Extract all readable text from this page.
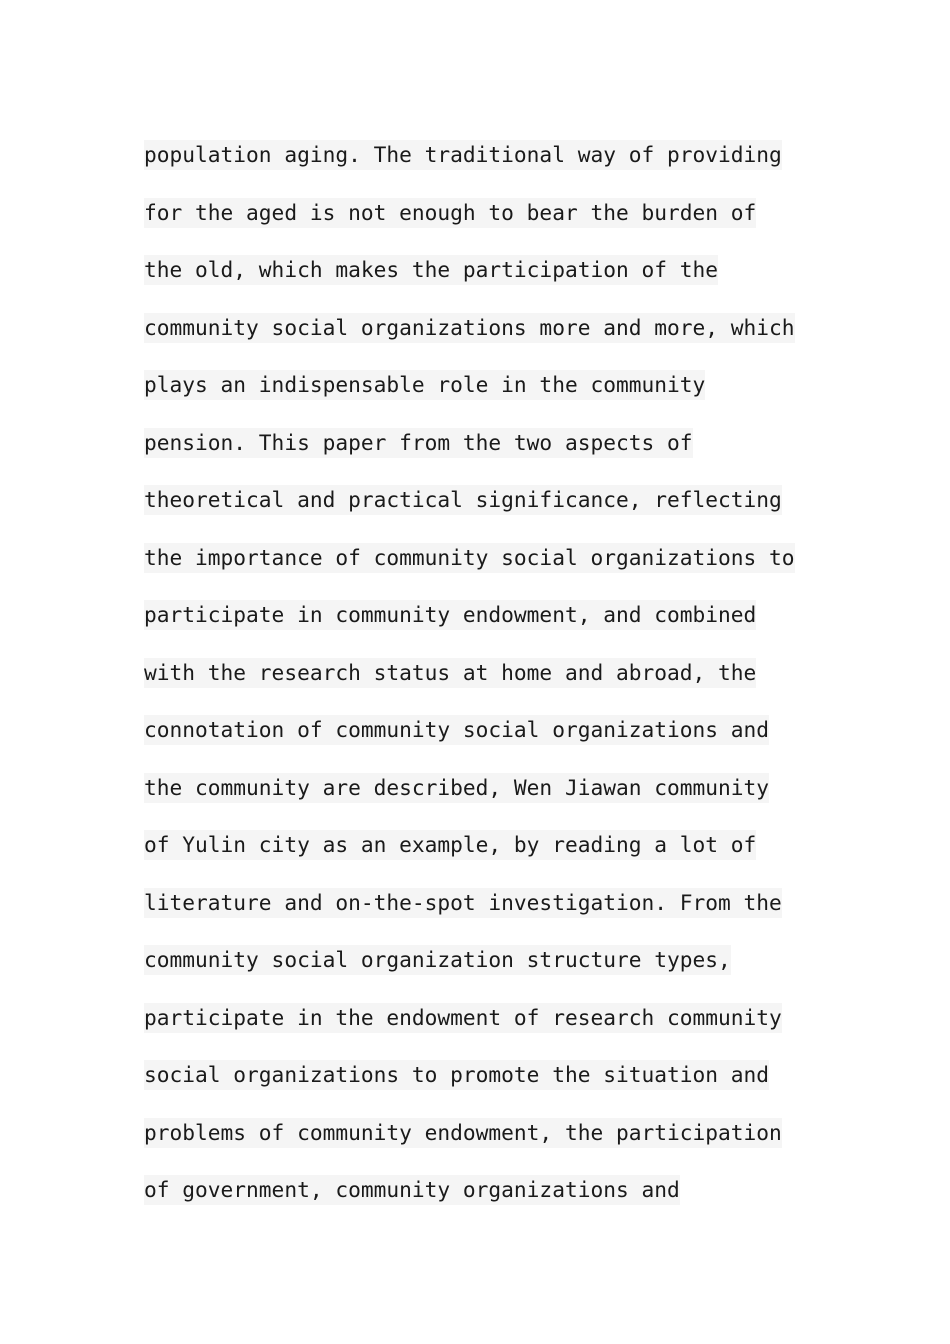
population aging. The traditional way of providing
for the aged is not enough to bear the burden of
the old, which makes the participation of the
community social organizations more and more, which
plays an indispensable role in the community
pension. This paper from the two aspects of
theoretical and practical significance, reflecting
the importance of community social organizations to
participate in community endowment, and combined
with the research status at home and abroad, the
connotation of community social organizations and
the community are described, Wen Jiawan community
of Yulin city as an example, by reading a lot of
literature and on-the-spot investigation. From the
community social organization structure types,
participate in the endowment of research community
social organizations to promote the situation and
problems of community endowment, the participation
of government, community organizations and
